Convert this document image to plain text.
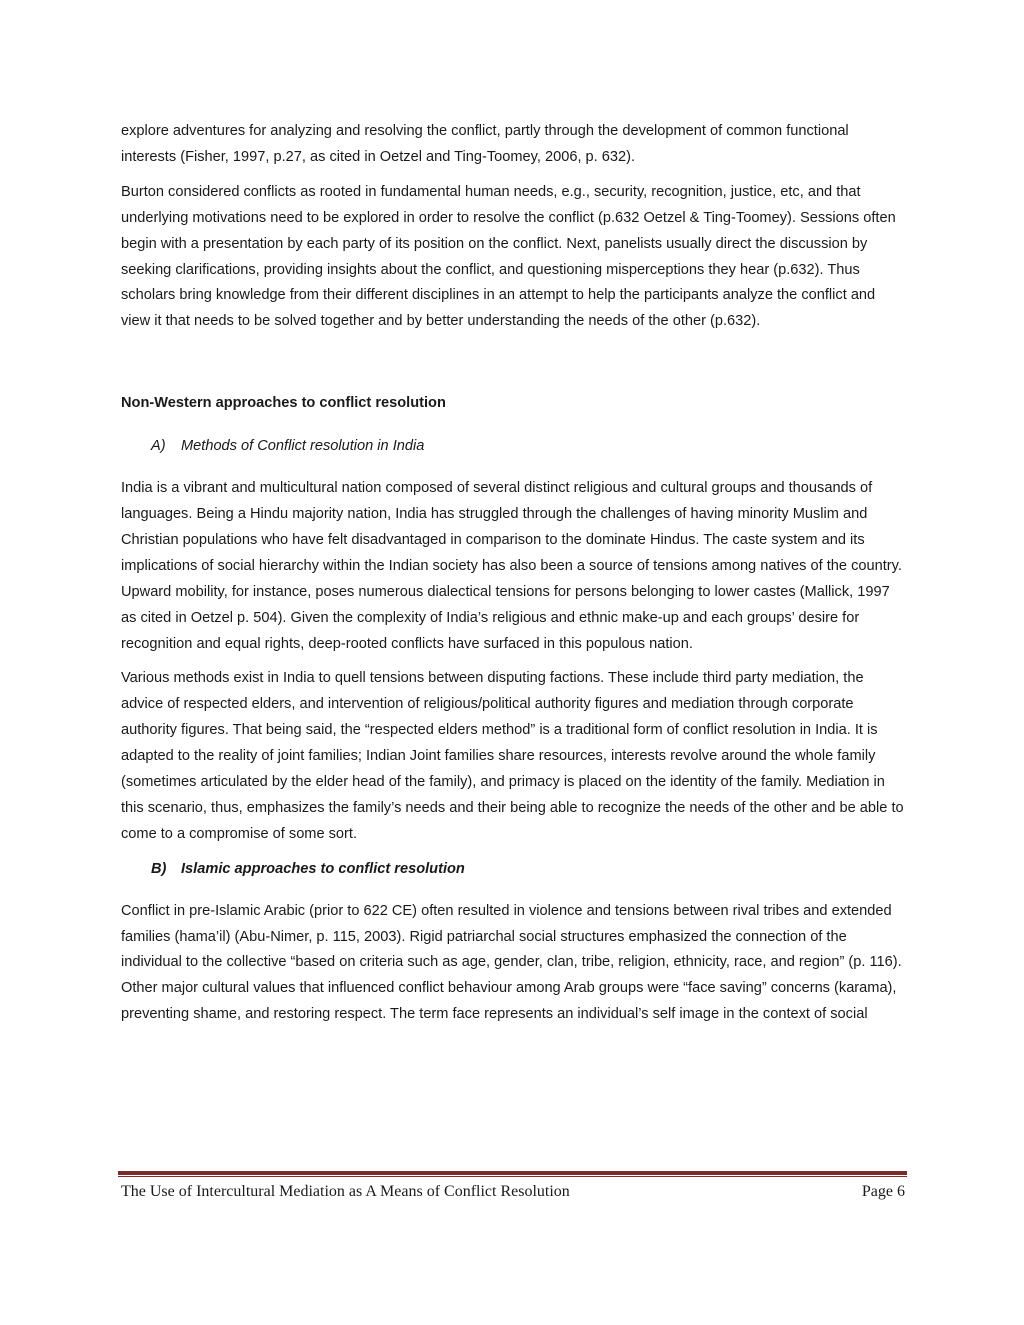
explore adventures for analyzing and resolving the conflict, partly through the development of common functional interests (Fisher, 1997, p.27, as cited in Oetzel and Ting-Toomey, 2006, p. 632).

Burton considered conflicts as rooted in fundamental human needs, e.g., security, recognition, justice, etc, and that underlying motivations need to be explored in order to resolve the conflict (p.632 Oetzel & Ting-Toomey). Sessions often begin with a presentation by each party of its position on the conflict. Next, panelists usually direct the discussion by seeking clarifications, providing insights about the conflict, and questioning misperceptions they hear (p.632). Thus scholars bring knowledge from their different disciplines in an attempt to help the participants analyze the conflict and view it that needs to be solved together and by better understanding the needs of the other (p.632).

Non-Western approaches to conflict resolution

A) Methods of Conflict resolution in India

India is a vibrant and multicultural nation composed of several distinct religious and cultural groups and thousands of languages. Being a Hindu majority nation, India has struggled through the challenges of having minority Muslim and Christian populations who have felt disadvantaged in comparison to the dominate Hindus. The caste system and its implications of social hierarchy within the Indian society has also been a source of tensions among natives of the country. Upward mobility, for instance, poses numerous dialectical tensions for persons belonging to lower castes (Mallick, 1997 as cited in Oetzel p. 504). Given the complexity of India’s religious and ethnic make-up and each groups’ desire for recognition and equal rights, deep-rooted conflicts have surfaced in this populous nation.

Various methods exist in India to quell tensions between disputing factions. These include third party mediation, the advice of respected elders, and intervention of religious/political authority figures and mediation through corporate authority figures. That being said, the “respected elders method” is a traditional form of conflict resolution in India. It is adapted to the reality of joint families; Indian Joint families share resources, interests revolve around the whole family (sometimes articulated by the elder head of the family), and primacy is placed on the identity of the family. Mediation in this scenario, thus, emphasizes the family’s needs and their being able to recognize the needs of the other and be able to come to a compromise of some sort.

B) Islamic approaches to conflict resolution

Conflict in pre-Islamic Arabic (prior to 622 CE) often resulted in violence and tensions between rival tribes and extended families (hama’il) (Abu-Nimer, p. 115, 2003). Rigid patriarchal social structures emphasized the connection of the individual to the collective “based on criteria such as age, gender, clan, tribe, religion, ethnicity, race, and region” (p. 116). Other major cultural values that influenced conflict behaviour among Arab groups were “face saving” concerns (karama), preventing shame, and restoring respect. The term face represents an individual’s self image in the context of social

The Use of Intercultural Mediation as A Means of Conflict Resolution	Page 6
